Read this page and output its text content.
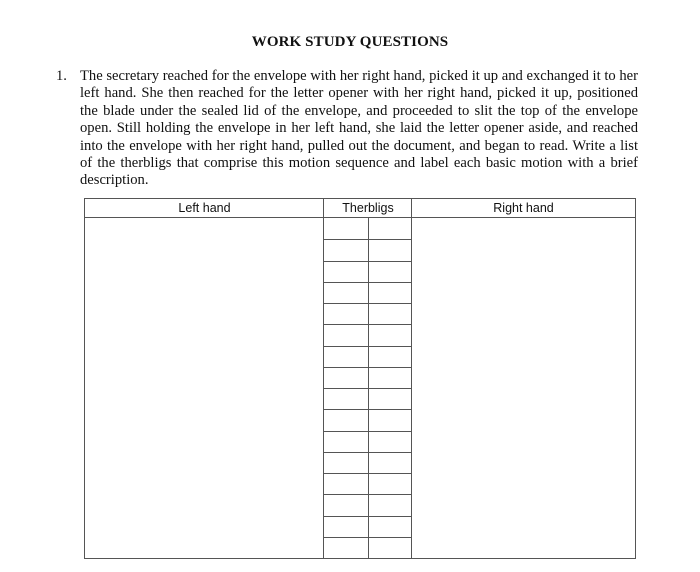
WORK STUDY QUESTIONS
1. The secretary reached for the envelope with her right hand, picked it up and exchanged it to her left hand. She then reached for the letter opener with her right hand, picked it up, positioned the blade under the sealed lid of the envelope, and proceeded to slit the top of the envelope open. Still holding the envelope in her left hand, she laid the letter opener aside, and reached into the envelope with her right hand, pulled out the document, and began to read. Write a list of the therbligs that comprise this motion sequence and label each basic motion with a brief description.
Left hand	Therbligs	Right hand
